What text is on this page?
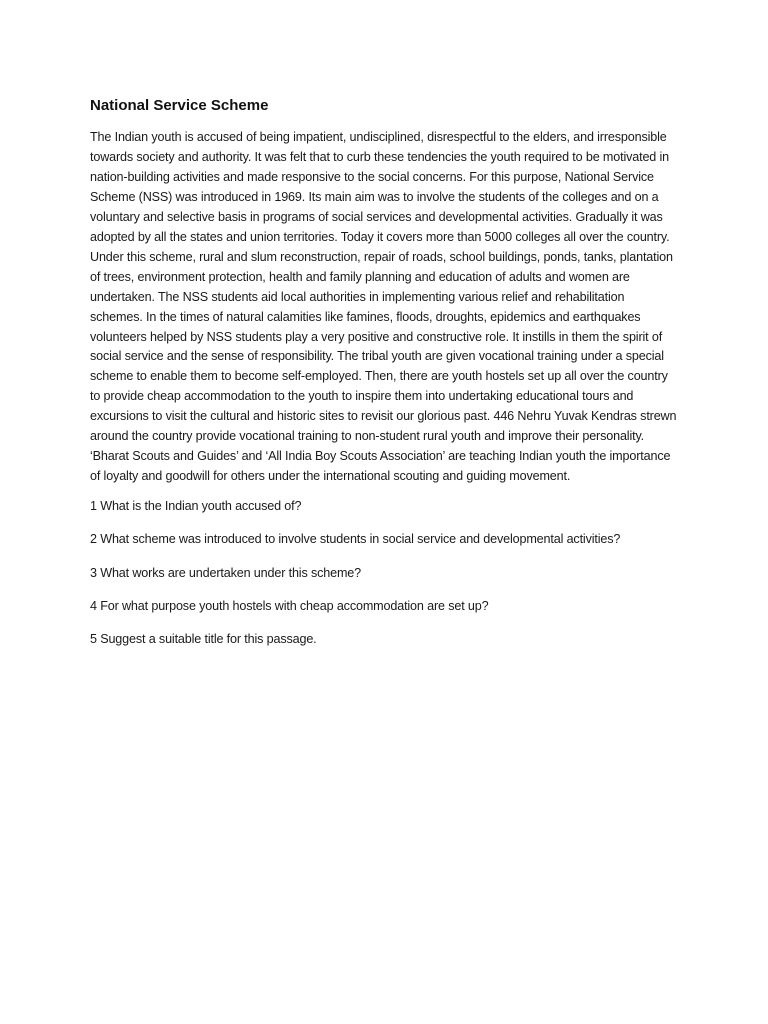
National Service Scheme

The Indian youth is accused of being impatient, undisciplined, disrespectful to the elders, and irresponsible towards society and authority. It was felt that to curb these tendencies the youth required to be motivated in nation-building activities and made responsive to the social concerns. For this purpose, National Service Scheme (NSS) was introduced in 1969. Its main aim was to involve the students of the colleges and on a voluntary and selective basis in programs of social services and developmental activities. Gradually it was adopted by all the states and union territories. Today it covers more than 5000 colleges all over the country. Under this scheme, rural and slum reconstruction, repair of roads, school buildings, ponds, tanks, plantation of trees, environment protection, health and family planning and education of adults and women are undertaken. The NSS students aid local authorities in implementing various relief and rehabilitation schemes. In the times of natural calamities like famines, floods, droughts, epidemics and earthquakes volunteers helped by NSS students play a very positive and constructive role. It instills in them the spirit of social service and the sense of responsibility. The tribal youth are given vocational training under a special scheme to enable them to become self-employed. Then, there are youth hostels set up all over the country to provide cheap accommodation to the youth to inspire them into undertaking educational tours and excursions to visit the cultural and historic sites to revisit our glorious past. 446 Nehru Yuvak Kendras strewn around the country provide vocational training to non-student rural youth and improve their personality. ‘Bharat Scouts and Guides’ and ‘All India Boy Scouts Association’ are teaching Indian youth the importance of loyalty and goodwill for others under the international scouting and guiding movement.

1 What is the Indian youth accused of?

2 What scheme was introduced to involve students in social service and developmental activities?

3 What works are undertaken under this scheme?

4 For what purpose youth hostels with cheap accommodation are set up?

5 Suggest a suitable title for this passage.
